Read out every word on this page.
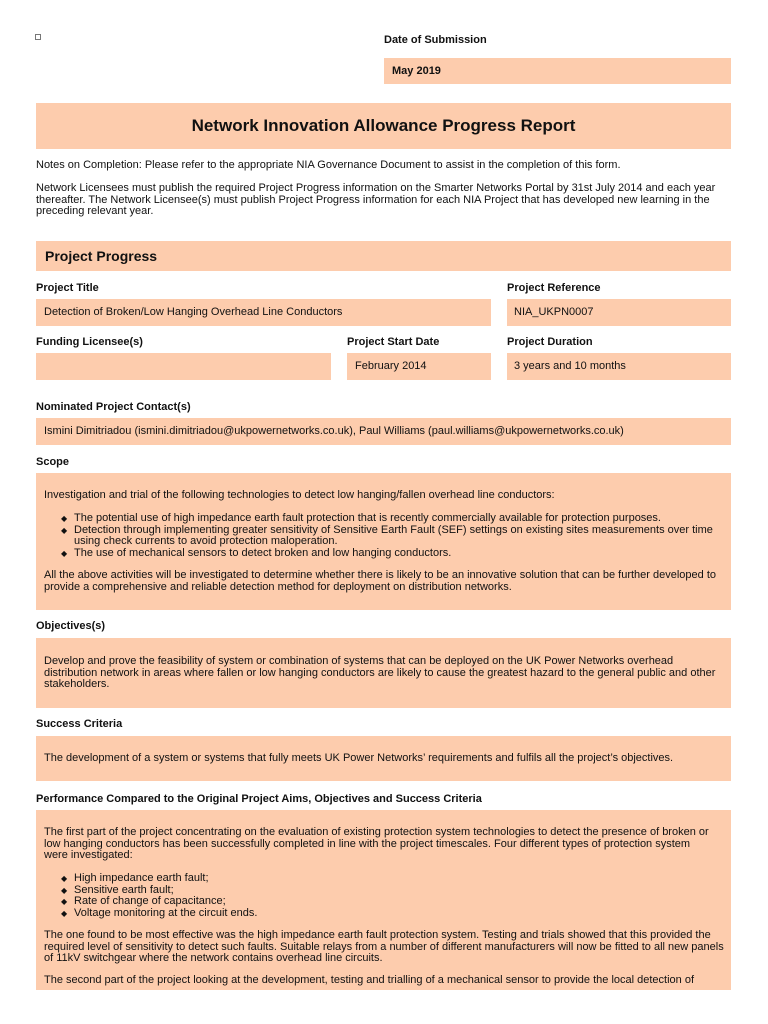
Date of Submission
May 2019
Network Innovation Allowance Progress Report
Notes on Completion: Please refer to the appropriate NIA Governance Document to assist in the completion of this form.
Network Licensees must publish the required Project Progress information on the Smarter Networks Portal by 31st July 2014 and each year thereafter. The Network Licensee(s) must publish Project Progress information for each NIA Project that has developed new learning in the preceding relevant year.
Project Progress
Project Title
Detection of Broken/Low Hanging Overhead Line Conductors
Project Reference
NIA_UKPN0007
Funding Licensee(s)	Project Start Date
February 2014
Project Duration
3 years and 10 months
Nominated Project Contact(s)
Ismini Dimitriadou (ismini.dimitriadou@ukpowernetworks.co.uk), Paul Williams (paul.williams@ukpowernetworks.co.uk)
Scope

Investigation and trial of the following technologies to detect low hanging/fallen overhead line conductors:

◆ The potential use of high impedance earth fault protection that is recently commercially available for protection purposes.
◆ Detection through implementing greater sensitivity of Sensitive Earth Fault (SEF) settings on existing sites measurements over time using check currents to avoid protection maloperation.
◆ The use of mechanical sensors to detect broken and low hanging conductors.

All the above activities will be investigated to determine whether there is likely to be an innovative solution that can be further developed to provide a comprehensive and reliable detection method for deployment on distribution networks.

Objectives(s)

Develop and prove the feasibility of system or combination of systems that can be deployed on the UK Power Networks overhead distribution network in areas where fallen or low hanging conductors are likely to cause the greatest hazard to the general public and other stakeholders.

Success Criteria

The development of a system or systems that fully meets UK Power Networks’ requirements and fulfils all the project’s objectives.

Performance Compared to the Original Project Aims, Objectives and Success Criteria

The first part of the project concentrating on the evaluation of existing protection system technologies to detect the presence of broken or low hanging conductors has been successfully completed in line with the project timescales. Four different types of protection system were investigated:

◆ High impedance earth fault;
◆ Sensitive earth fault;
◆ Rate of change of capacitance;
◆ Voltage monitoring at the circuit ends.

The one found to be most effective was the high impedance earth fault protection system. Testing and trials showed that this provided the required level of sensitivity to detect such faults. Suitable relays from a number of different manufacturers will now be fitted to all new panels of 11kV switchgear where the network contains overhead line circuits.

The second part of the project looking at the development, testing and trialling of a mechanical sensor to provide the local detection of
